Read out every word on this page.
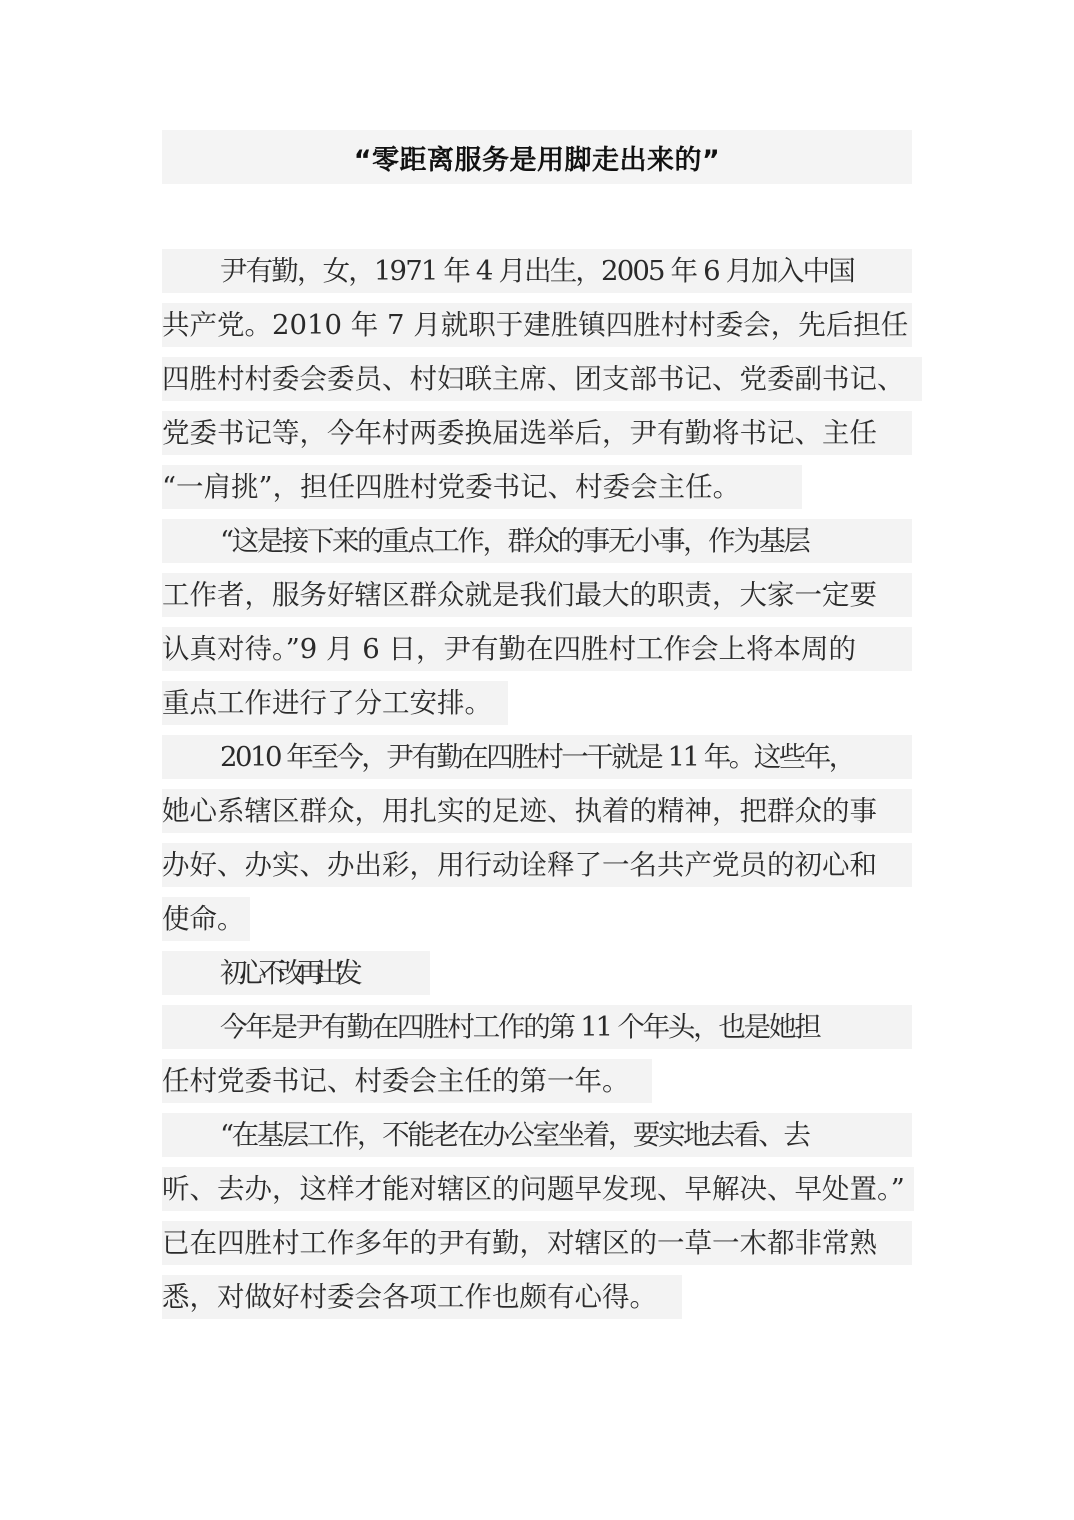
“零距离服务是用脚走出来的”
尹有勤，女，1971 年 4 月出生，2005 年 6 月加入中国
共产党。2010 年 7 月就职于建胜镇四胜村村委会，先后担任
四胜村村委会委员、村妇联主席、团支部书记、党委副书记、
党委书记等，今年村两委换届选举后，尹有勤将书记、主任
“一肩挑”，担任四胜村党委书记、村委会主任。
“这是接下来的重点工作，群众的事无小事，作为基层
工作者，服务好辖区群众就是我们最大的职责，大家一定要
认真对待。”9 月 6 日，尹有勤在四胜村工作会上将本周的
重点工作进行了分工安排。
2010 年至今，尹有勤在四胜村一干就是 11 年。这些年，
她心系辖区群众，用扎实的足迹、执着的精神，把群众的事
办好、办实、办出彩，用行动诠释了一名共产党员的初心和
使命。
初心不改再出发
今年是尹有勤在四胜村工作的第 11 个年头，也是她担
任村党委书记、村委会主任的第一年。
“在基层工作，不能老在办公室坐着，要实地去看、去
听、去办，这样才能对辖区的问题早发现、早解决、早处置。”
已在四胜村工作多年的尹有勤，对辖区的一草一木都非常熟
悉，对做好村委会各项工作也颇有心得。
